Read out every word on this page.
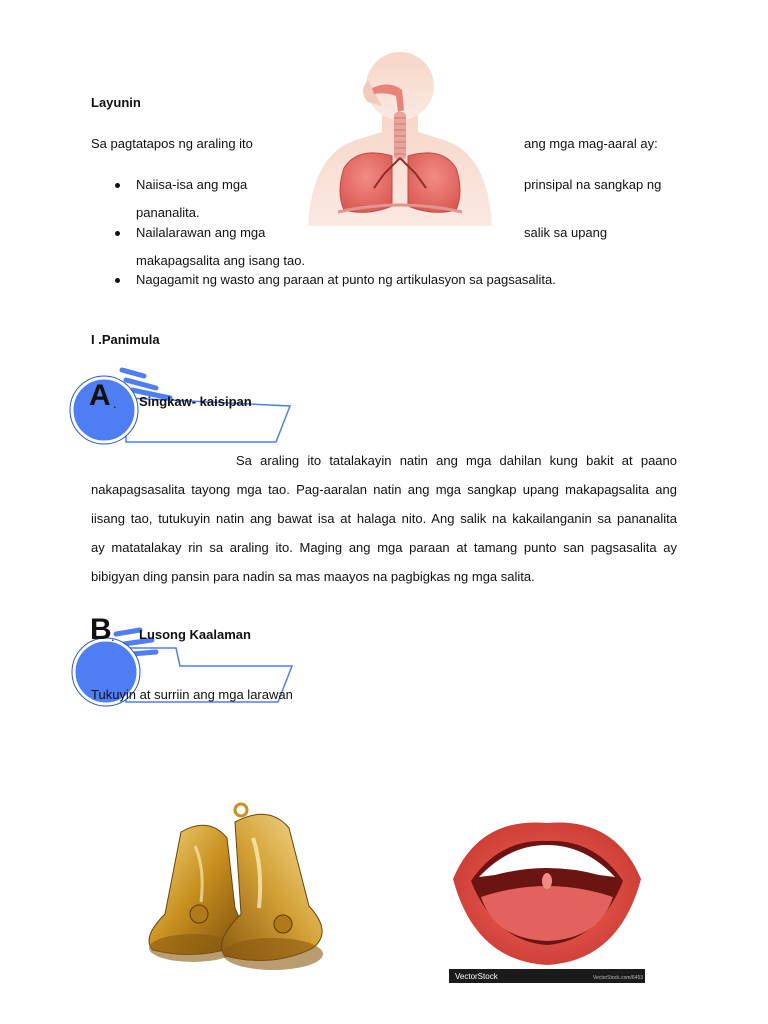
Layunin
Sa pagtatapos ng araling ito	ang mga mag-aaral ay:
Naiisa-isa ang mga	prinsipal na sangkap ng
pananalita.
Nailalarawan ang mga	salik sa upang
makapagsalita ang isang tao.
Nagagamit ng wasto ang paraan at punto ng artikulasyon sa pagsasalita.
I .Panimula
A . Singkaw- kaisipan
Sa araling ito tatalakayin natin ang mga dahilan kung bakit at paano
nakapagsasalita tayong mga tao. Pag-aaralan natin ang mga sangkap upang makapagsalita ang
iisang tao, tutukuyin natin ang bawat isa at halaga nito. Ang salik na kakailanganin sa pananalita
ay matatalakay rin sa araling ito. Maging ang mga paraan at tamang punto san pagsasalita ay
bibigyan ding pansin para nadin sa mas maayos na pagbigkas ng mga salita.
B . Lusong Kaalaman
Tukuyin at surriin ang mga larawan
VectorStock	VectorStock.com/6453
